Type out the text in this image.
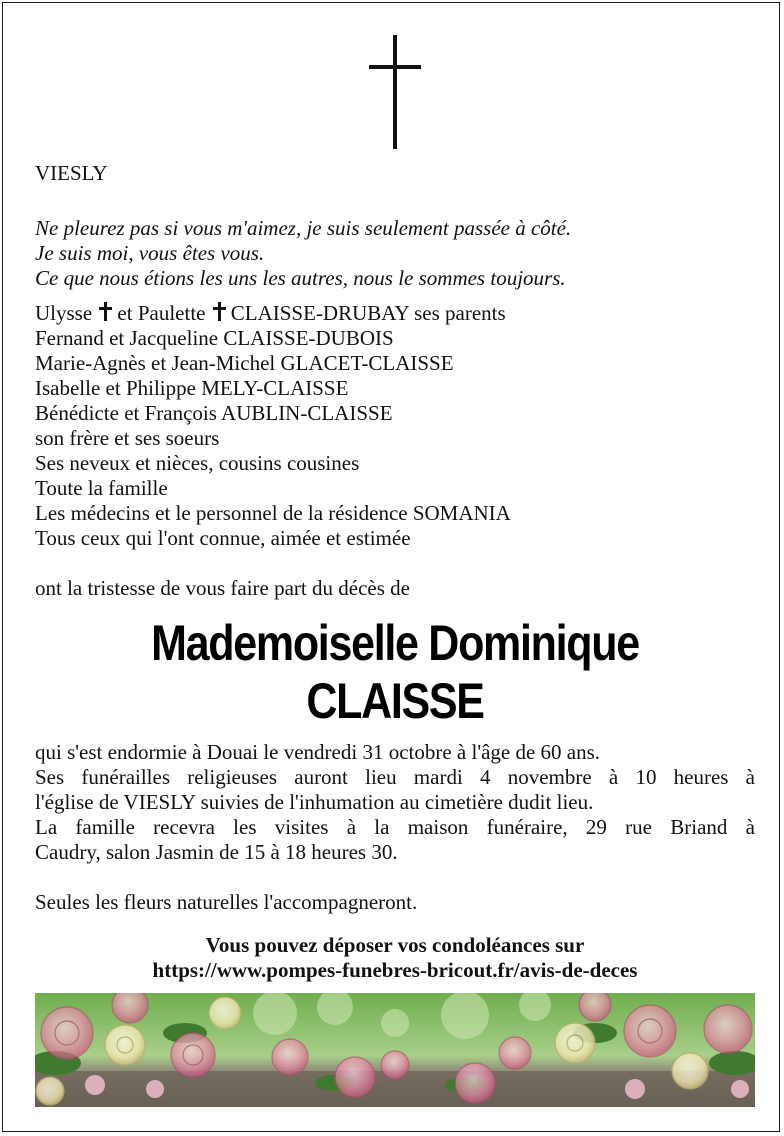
VIESLY
Ne pleurez pas si vous m'aimez, je suis seulement passée à côté.
Je suis moi, vous êtes vous.
Ce que nous étions les uns les autres, nous le sommes toujours.
Ulysse et Paulette CLAISSE-DRUBAY ses parents
Fernand et Jacqueline CLAISSE-DUBOIS
Marie-Agnès et Jean-Michel GLACET-CLAISSE
Isabelle et Philippe MELY-CLAISSE
Bénédicte et François AUBLIN-CLAISSE
son frère et ses soeurs
Ses neveux et nièces, cousins cousines
Toute la famille
Les médecins et le personnel de la résidence SOMANIA
Tous ceux qui l'ont connue, aimée et estimée
ont la tristesse de vous faire part du décès de
Mademoiselle Dominique
CLAISSE
qui s'est endormie à Douai le vendredi 31 octobre à l'âge de 60 ans.
Ses funérailles religieuses auront lieu mardi 4 novembre à 10 heures à
l'église de VIESLY suivies de l'inhumation au cimetière dudit lieu.
La famille recevra les visites à la maison funéraire, 29 rue Briand à
Caudry, salon Jasmin de 15 à 18 heures 30.
Seules les fleurs naturelles l'accompagneront.
Vous pouvez déposer vos condoléances sur
https://www.pompes-funebres-bricout.fr/avis-de-deces
